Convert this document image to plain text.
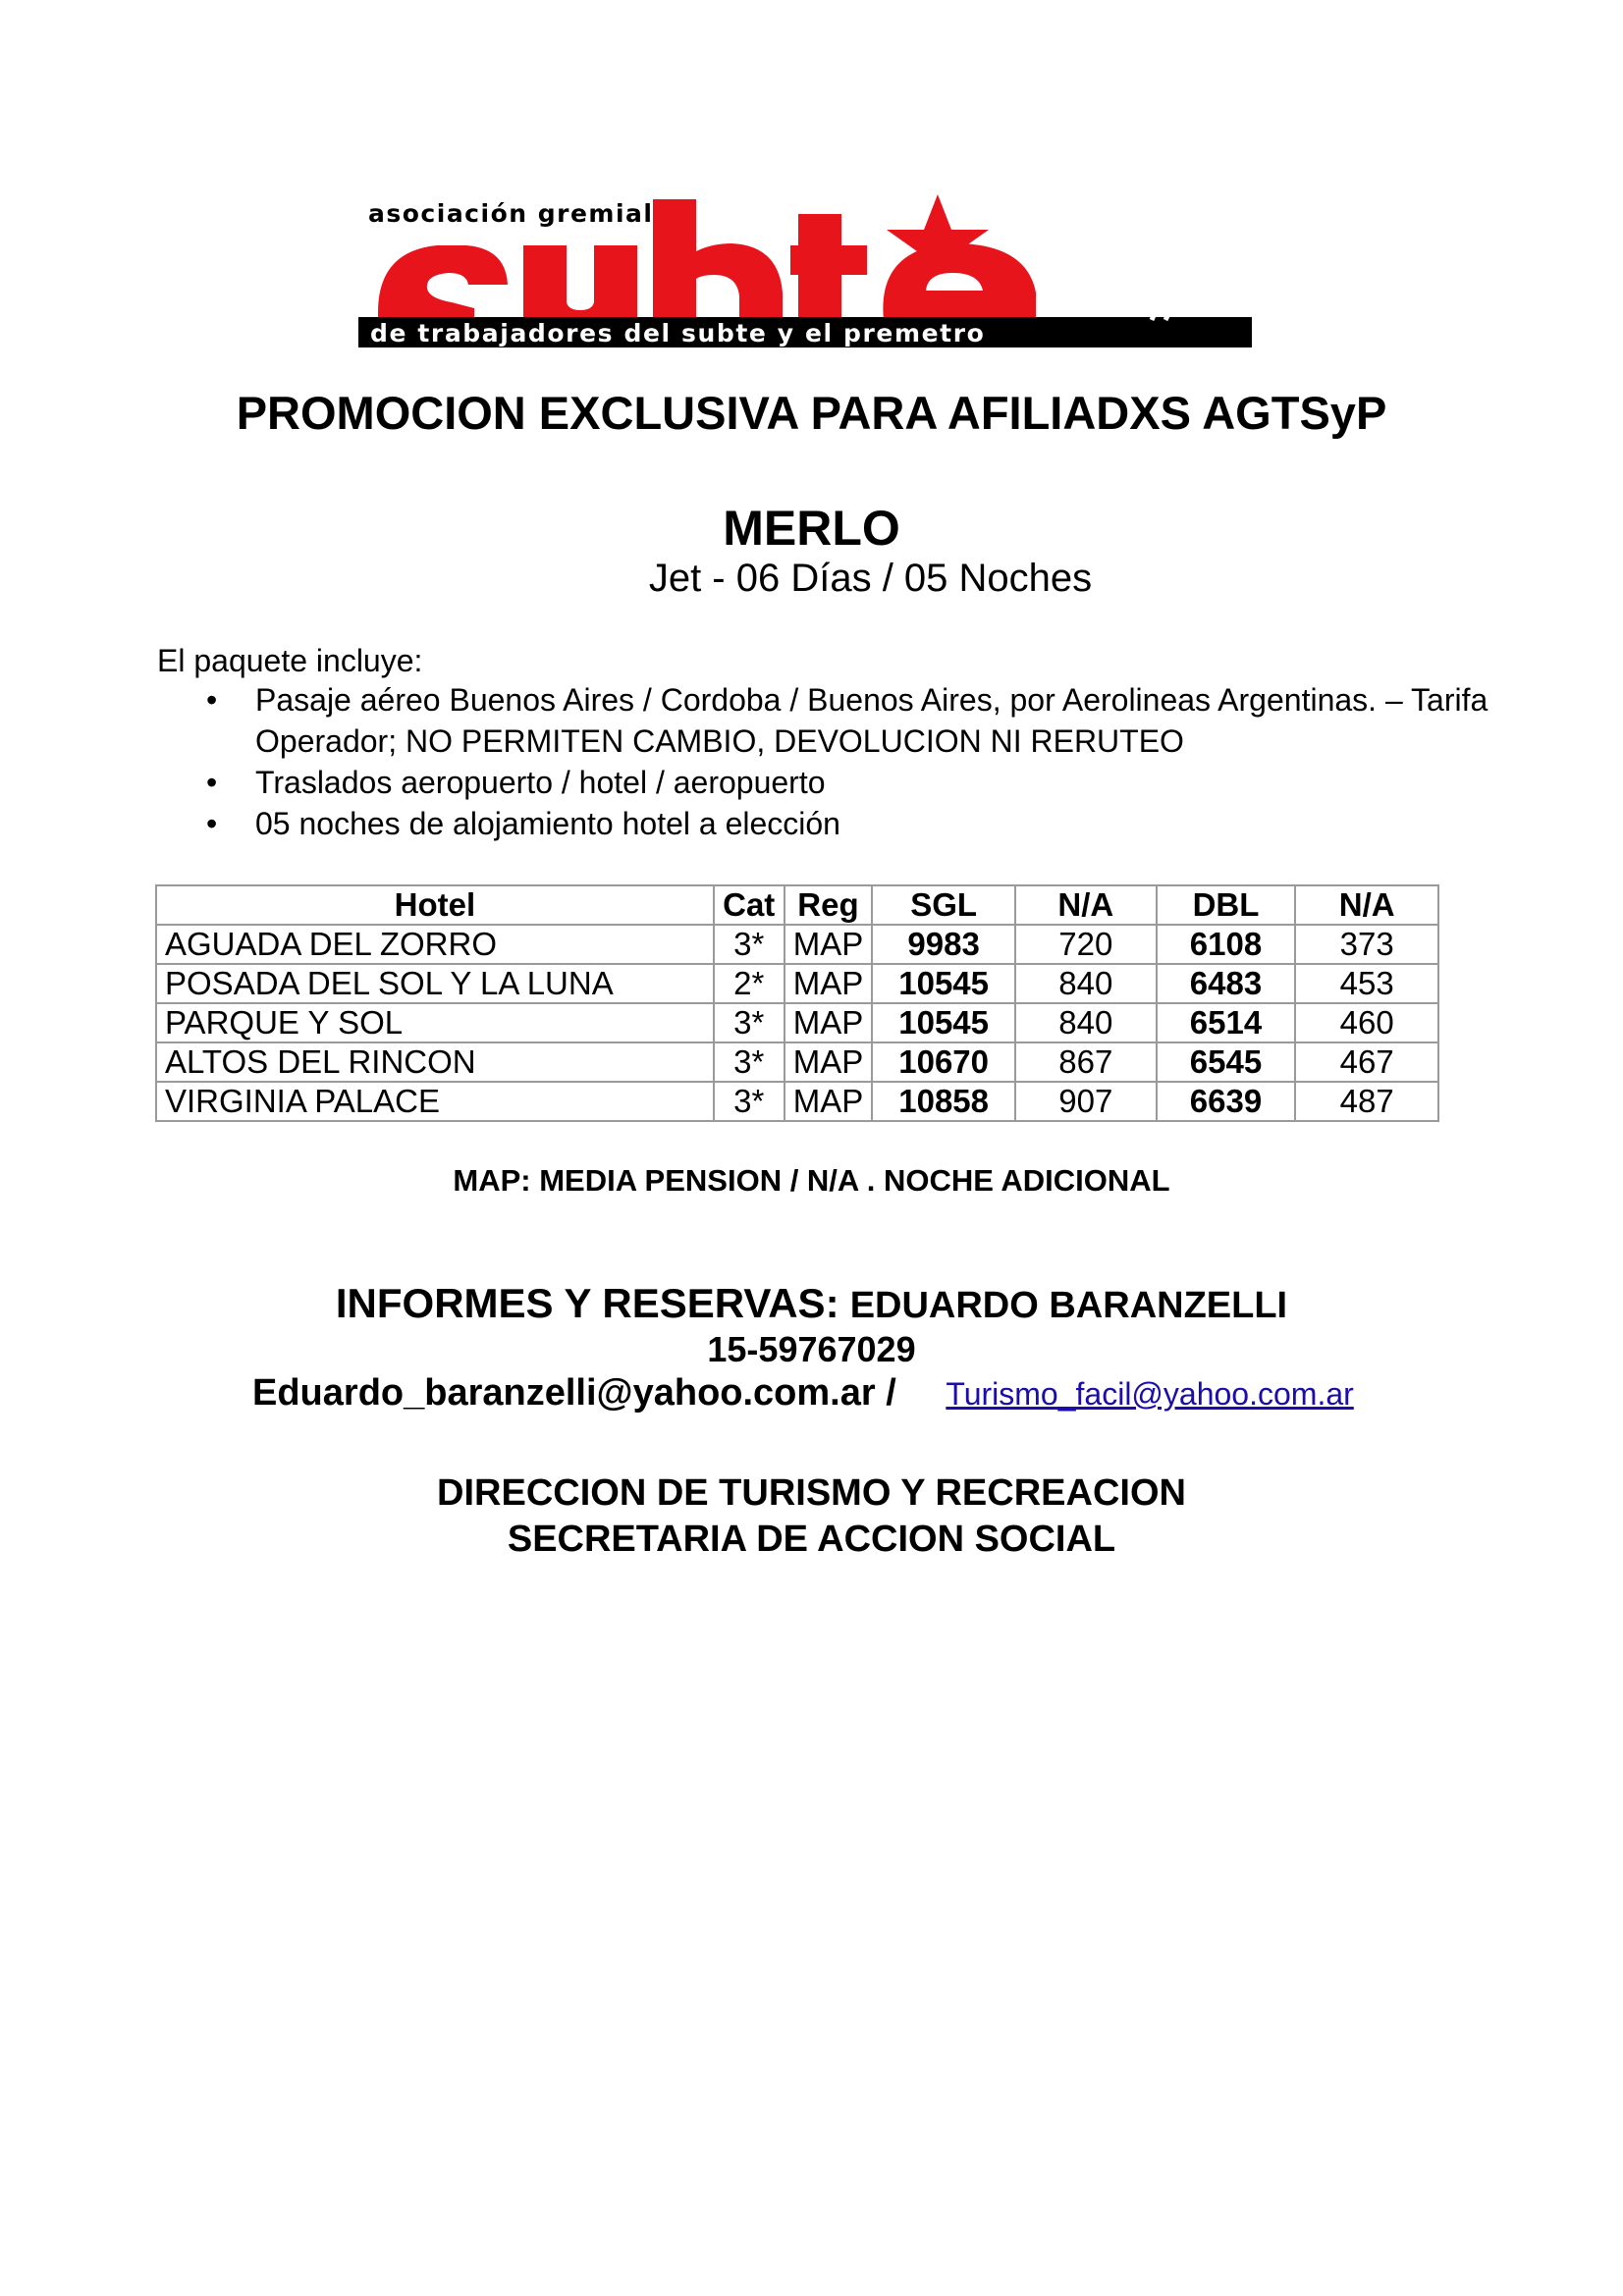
de trabajadores del subte y el premetro
asociación gremial
PROMOCION EXCLUSIVA PARA AFILIADXS AGTSyP
MERLO
Jet - 06 Días / 05 Noches
El paquete incluye:
• Pasaje aéreo Buenos Aires / Cordoba / Buenos Aires, por Aerolineas Argentinas. – Tarifa Operador; NO PERMITEN CAMBIO, DEVOLUCION NI RERUTEO
• Traslados aeropuerto / hotel / aeropuerto
• 05 noches de alojamiento hotel a elección
Hotel	Cat	Reg	SGL	N/A	DBL	N/A
AGUADA DEL ZORRO	3*	MAP	9983	720	6108	373
POSADA DEL SOL Y LA LUNA	2*	MAP	10545	840	6483	453
PARQUE Y SOL	3*	MAP	10545	840	6514	460
ALTOS DEL RINCON	3*	MAP	10670	867	6545	467
VIRGINIA PALACE	3*	MAP	10858	907	6639	487
MAP: MEDIA PENSION / N/A . NOCHE ADICIONAL
INFORMES Y RESERVAS: EDUARDO BARANZELLI
15-59767029
Eduardo_baranzelli@yahoo.com.ar / Turismo_facil@yahoo.com.ar
DIRECCION DE TURISMO Y RECREACION
SECRETARIA DE ACCION SOCIAL
